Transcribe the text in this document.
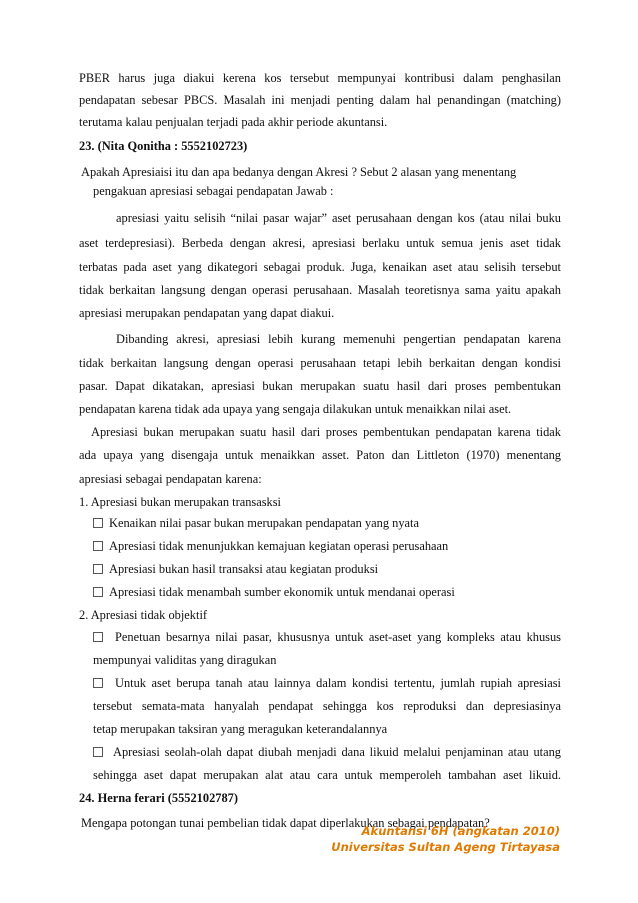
PBER harus juga diakui kerena kos tersebut mempunyai kontribusi dalam penghasilan
pendapatan sebesar PBCS. Masalah ini menjadi penting dalam hal penandingan (matching)
terutama kalau penjualan terjadi pada akhir periode akuntansi.
23. (Nita Qonitha : 5552102723)
Apakah Apresiaisi itu dan apa bedanya dengan Akresi ? Sebut 2 alasan yang menentang
pengakuan apresiasi sebagai pendapatan Jawab :
apresiasi yaitu selisih “nilai pasar wajar” aset perusahaan dengan kos (atau nilai buku
aset terdepresiasi). Berbeda dengan akresi, apresiasi berlaku untuk semua jenis aset tidak
terbatas pada aset yang dikategori sebagai produk. Juga, kenaikan aset atau selisih tersebut
tidak berkaitan langsung dengan operasi perusahaan. Masalah teoretisnya sama yaitu apakah
apresiasi merupakan pendapatan yang dapat diakui.
Dibanding akresi, apresiasi lebih kurang memenuhi pengertian pendapatan karena
tidak berkaitan langsung dengan operasi perusahaan tetapi lebih berkaitan dengan kondisi
pasar. Dapat dikatakan, apresiasi bukan merupakan suatu hasil dari proses pembentukan
pendapatan karena tidak ada upaya yang sengaja dilakukan untuk menaikkan nilai aset.
Apresiasi bukan merupakan suatu hasil dari proses pembentukan pendapatan karena tidak
ada upaya yang disengaja untuk menaikkan asset. Paton dan Littleton (1970) menentang
apresiasi sebagai pendapatan karena:
1. Apresiasi bukan merupakan transasksi
Kenaikan nilai pasar bukan merupakan pendapatan yang nyata
Apresiasi tidak menunjukkan kemajuan kegiatan operasi perusahaan
Apresiasi bukan hasil transaksi atau kegiatan produksi
Apresiasi tidak menambah sumber ekonomik untuk mendanai operasi
2. Apresiasi tidak objektif
Penetuan besarnya nilai pasar, khususnya untuk aset-aset yang kompleks atau khusus
mempunyai validitas yang diragukan
Untuk aset berupa tanah atau lainnya dalam kondisi tertentu, jumlah rupiah apresiasi
tersebut semata-mata hanyalah pendapat sehingga kos reproduksi dan depresiasinya
tetap merupakan taksiran yang meragukan keterandalannya
Apresiasi seolah-olah dapat diubah menjadi dana likuid melalui penjaminan atau utang
sehingga aset dapat merupakan alat atau cara untuk memperoleh tambahan aset likuid.
24. Herna ferari (5552102787)
Mengapa potongan tunai pembelian tidak dapat diperlakukan sebagai pendapatan?
Akuntansi 6H (angkatan 2010)
Universitas Sultan Ageng Tirtayasa
